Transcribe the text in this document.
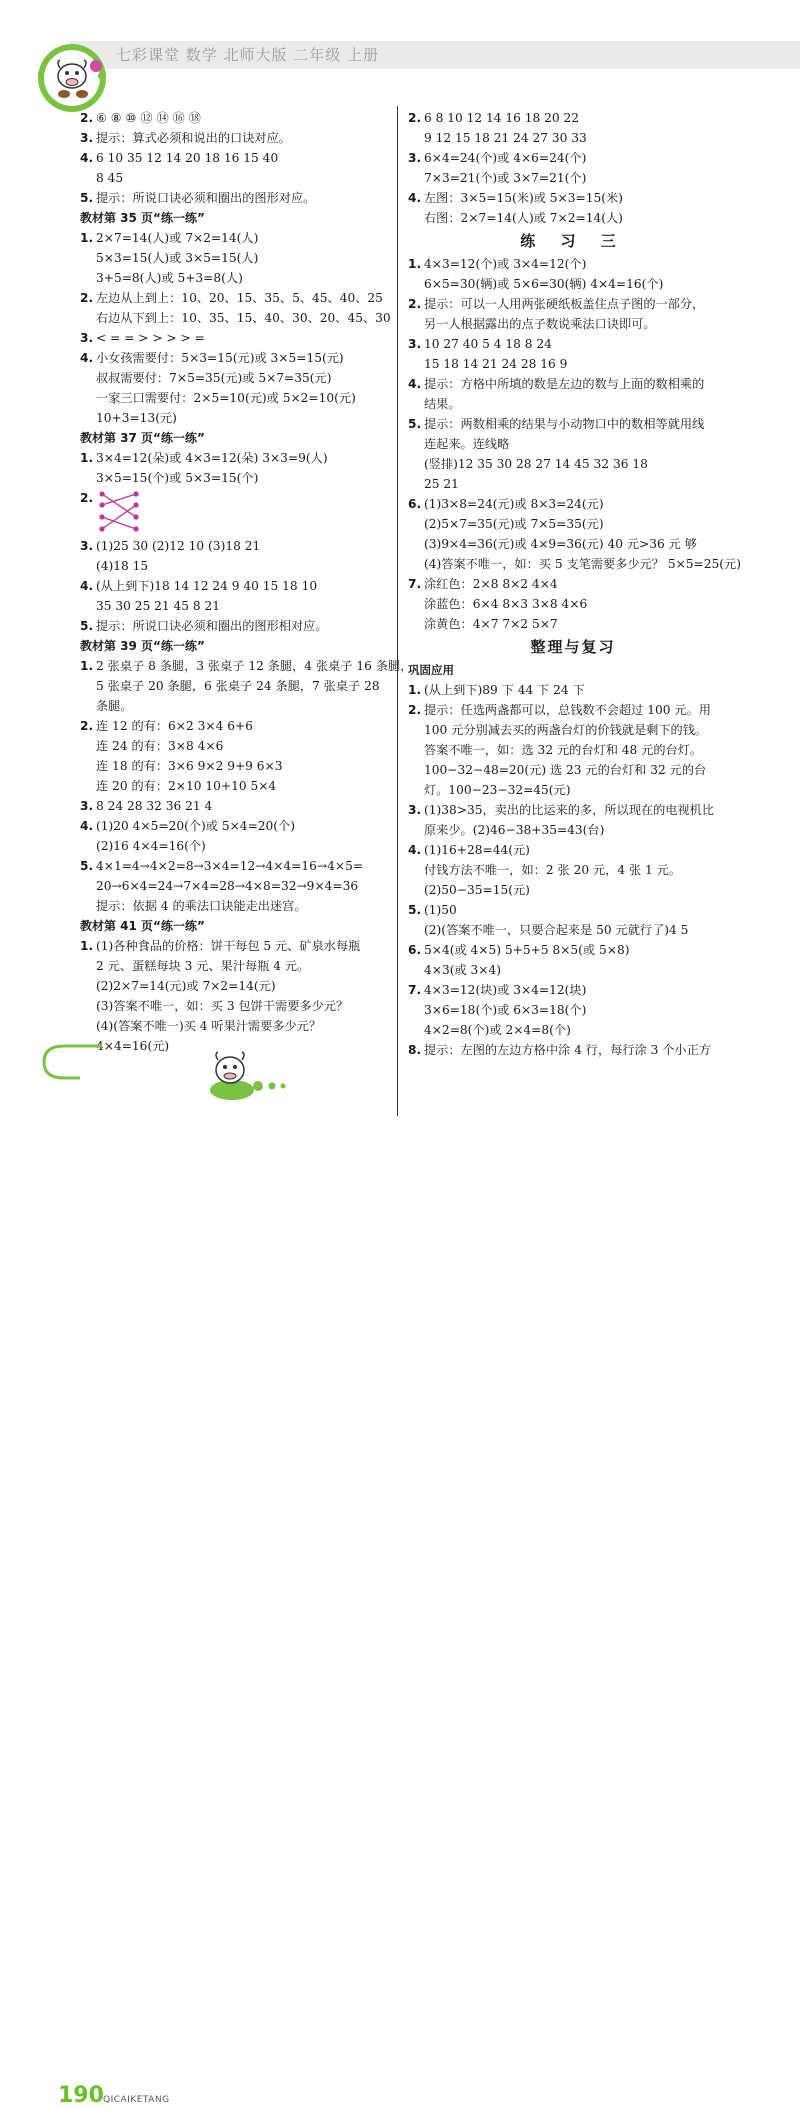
七彩课堂 数学 北师大版 二年级 上册
2. ⑥ ⑧ ⑩ ⑫ ⑭ ⑯ ⑱
3. 提示：算式必须和说出的口诀对应。
4. 6 10 35 12 14 20 18 16 15 40
8 45
5. 提示：所说口诀必须和圈出的图形对应。
教材第 35 页“练一练”
1. 2×7=14(人)或 7×2=14(人)
5×3=15(人)或 3×5=15(人)
3+5=8(人)或 5+3=8(人)
2. 左边从上到上：10、20、15、35、5、45、40、25
右边从下到上：10、35、15、40、30、20、45、30
3. < = = > > > > =
4. 小女孩需要付：5×3=15(元)或 3×5=15(元)
叔叔需要付：7×5=35(元)或 5×7=35(元)
一家三口需要付：2×5=10(元)或 5×2=10(元)
10+3=13(元)
教材第 37 页“练一练”
1. 3×4=12(朵)或 4×3=12(朵) 3×3=9(人)
3×5=15(个)或 5×3=15(个)
2.
3. (1)25 30 (2)12 10 (3)18 21
(4)18 15
4. (从上到下)18 14 12 24 9 40 15 18 10
35 30 25 21 45 8 21
5. 提示：所说口诀必须和圈出的图形相对应。
教材第 39 页“练一练”
1. 2 张桌子 8 条腿，3 张桌子 12 条腿，4 张桌子 16 条腿，
5 张桌子 20 条腿，6 张桌子 24 条腿，7 张桌子 28
条腿。
2. 连 12 的有：6×2 3×4 6+6
连 24 的有：3×8 4×6
连 18 的有：3×6 9×2 9+9 6×3
连 20 的有：2×10 10+10 5×4
3. 8 24 28 32 36 21 4
4. (1)20 4×5=20(个)或 5×4=20(个)
(2)16 4×4=16(个)
5. 4×1=4→4×2=8→3×4=12→4×4=16→4×5=
20→6×4=24→7×4=28→4×8=32→9×4=36
提示：依据 4 的乘法口诀能走出迷宫。
教材第 41 页“练一练”
1. (1)各种食品的价格：饼干每包 5 元、矿泉水每瓶
2 元、蛋糕每块 3 元、果汁每瓶 4 元。
(2)2×7=14(元)或 7×2=14(元)
(3)答案不唯一，如：买 3 包饼干需要多少元？
(4)(答案不唯一)买 4 听果汁需要多少元？
4×4=16(元)
2. 6 8 10 12 14 16 18 20 22
9 12 15 18 21 24 27 30 33
3. 6×4=24(个)或 4×6=24(个)
7×3=21(个)或 3×7=21(个)
4. 左图：3×5=15(米)或 5×3=15(米)
右图：2×7=14(人)或 7×2=14(人)
练 习 三
1. 4×3=12(个)或 3×4=12(个)
6×5=30(辆)或 5×6=30(辆) 4×4=16(个)
2. 提示：可以一人用两张硬纸板盖住点子图的一部分，
另一人根据露出的点子数说乘法口诀即可。
3. 10 27 40 5 4 18 8 24
15 18 14 21 24 28 16 9
4. 提示：方格中所填的数是左边的数与上面的数相乘的
结果。
5. 提示：两数相乘的结果与小动物口中的数相等就用线
连起来。连线略
(竖排)12 35 30 28 27 14 45 32 36 18
25 21
6. (1)3×8=24(元)或 8×3=24(元)
(2)5×7=35(元)或 7×5=35(元)
(3)9×4=36(元)或 4×9=36(元) 40 元>36 元 够
(4)答案不唯一，如：买 5 支笔需要多少元？ 5×5=25(元)
7. 涂红色：2×8 8×2 4×4
涂蓝色：6×4 8×3 3×8 4×6
涂黄色：4×7 7×2 5×7
整理与复习
巩固应用
1. (从上到下)89 下 44 下 24 下
2. 提示：任选两盏都可以，总钱数不会超过 100 元。用
100 元分别减去买的两盏台灯的价钱就是剩下的钱。
答案不唯一，如：选 32 元的台灯和 48 元的台灯。
100−32−48=20(元) 选 23 元的台灯和 32 元的台
灯。100−23−32=45(元)
3. (1)38>35，卖出的比运来的多，所以现在的电视机比
原来少。(2)46−38+35=43(台)
4. (1)16+28=44(元)
付钱方法不唯一，如：2 张 20 元，4 张 1 元。
(2)50−35=15(元)
5. (1)50
(2)(答案不唯一，只要合起来是 50 元就行了)4 5
6. 5×4(或 4×5) 5+5+5 8×5(或 5×8)
4×3(或 3×4)
7. 4×3=12(块)或 3×4=12(块)
3×6=18(个)或 6×3=18(个)
4×2=8(个)或 2×4=8(个)
8. 提示：左图的左边方格中涂 4 行，每行涂 3 个小正方
190 QICAIKETANG
